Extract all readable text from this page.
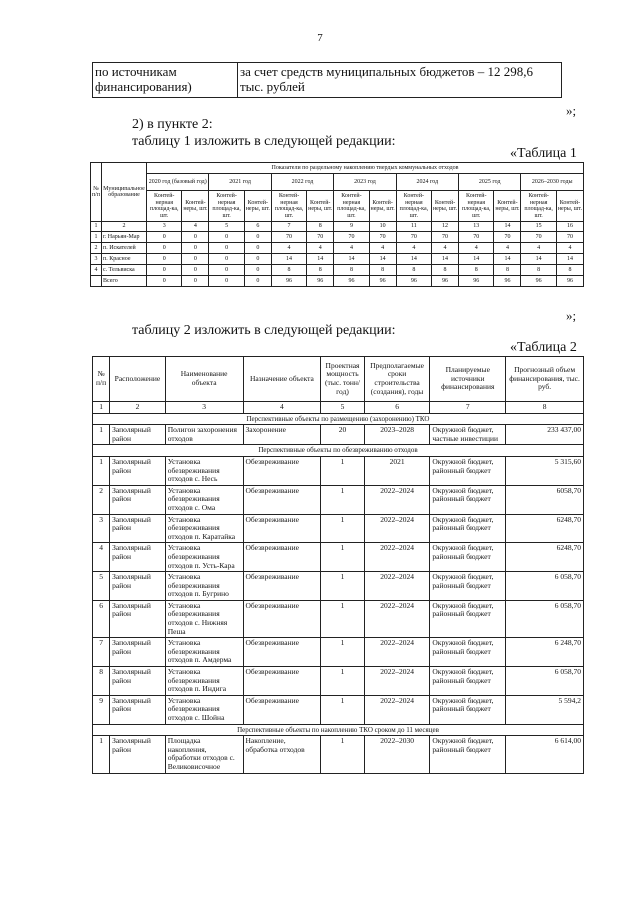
7
по источникам финансирования)	за счет средств муниципальных бюджетов – 12 298,6 тыс. рублей
»;
2) в пункте 2:
таблицу 1 изложить в следующей редакции:
«Таблица 1
№ п/п	Муниципальное образование	Показатели по раздельному накоплению твердых коммунальных отходов													
		2020 год (базовый год)		2021 год		2022 год		2023 год		2024 год		2025 год		2026–2030 годы	
		Контей-нерная площад-ка, шт.	Контей-неры, шт.	Контей-нерная площад-ка, шт.	Контей-неры, шт.	Контей-нерная площад-ка, шт.	Контей-неры, шт.	Контей-нерная площад-ка, шт.	Контей-неры, шт.	Контей-нерная площад-ка, шт.	Контей-неры, шт.	Контей-нерная площад-ка, шт.	Контей-неры, шт.	Контей-нерная площад-ка, шт.	Контей-неры, шт.
1	2	3	4	5	6	7	8	9	10	11	12	13	14	15	16
1	г. Нарьян-Мар	0	0	0	0	70	70	70	70	70	70	70	70	70	70
2	п. Искателей	0	0	0	0	4	4	4	4	4	4	4	4	4	4
3	п. Красное	0	0	0	0	14	14	14	14	14	14	14	14	14	14
4	с. Тельвиска	0	0	0	0	8	8	8	8	8	8	8	8	8	8
	Всего	0	0	0	0	96	96	96	96	96	96	96	96	96	96
»;
таблицу 2 изложить в следующей редакции:
«Таблица 2
№ п/п	Расположение	Наименование объекта	Назначение объекта	Проектная мощность (тыс. тонн/год)	Предполагаемые сроки строительства (создания), годы	Планируемые источники финансирования	Прогнозный объем финансирования, тыс. руб.
1	2	3	4	5	6	7	8
Перспективные объекты по размещению (захоронению) ТКО							
1	Заполярный район	Полигон захоронения отходов	Захоронение	20	2023–2028	Окружной бюджет, частные инвестиции	233 437,00
Перспективные объекты по обезвреживанию отходов							
1	Заполярный район	Установка обезвреживания отходов с. Несь	Обезвреживание	1	2021	Окружной бюджет, районный бюджет	5 315,60
2	Заполярный район	Установка обезвреживания отходов с. Ома	Обезвреживание	1	2022–2024	Окружной бюджет, районный бюджет	6058,70
3	Заполярный район	Установка обезвреживания отходов п. Каратайка	Обезвреживание	1	2022–2024	Окружной бюджет, районный бюджет	6248,70
4	Заполярный район	Установка обезвреживания отходов п. Усть-Кара	Обезвреживание	1	2022–2024	Окружной бюджет, районный бюджет	6248,70
5	Заполярный район	Установка обезвреживания отходов п. Бугрино	Обезвреживание	1	2022–2024	Окружной бюджет, районный бюджет	6 058,70
6	Заполярный район	Установка обезвреживания отходов с. Нижняя Пеша	Обезвреживание	1	2022–2024	Окружной бюджет, районный бюджет	6 058,70
7	Заполярный район	Установка обезвреживания отходов п. Амдерма	Обезвреживание	1	2022–2024	Окружной бюджет, районный бюджет	6 248,70
8	Заполярный район	Установка обезвреживания отходов п. Индига	Обезвреживание	1	2022–2024	Окружной бюджет, районный бюджет	6 058,70
9	Заполярный район	Установка обезвреживания отходов с. Шойна	Обезвреживание	1	2022–2024	Окружной бюджет, районный бюджет	5 594,2
Перспективные объекты по накоплению ТКО сроком до 11 месяцев							
1	Заполярный район	Площадка накопления, обработки отходов с. Великовисочное	Накопление, обработка отходов	1	2022–2030	Окружной бюджет, районный бюджет	6 614,00
